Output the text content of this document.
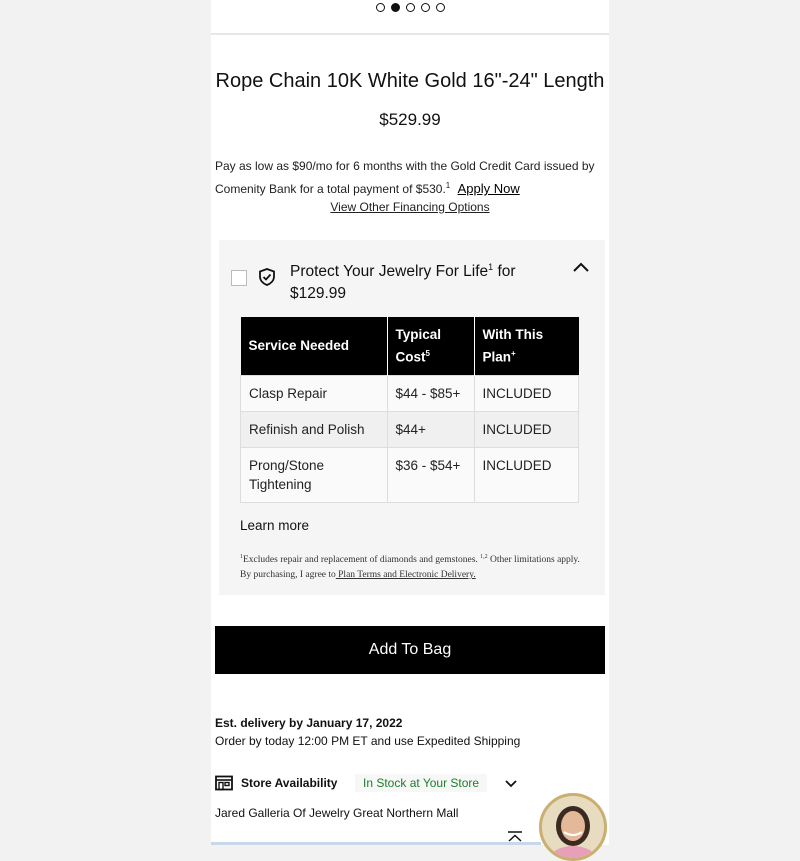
Rope Chain 10K White Gold 16"-24" Length
$529.99
Pay as low as $90/mo for 6 months with the Gold Credit Card issued by Comenity Bank for a total payment of $530.$^1$ Apply Now
View Other Financing Options
Protect Your Jewelry For Life$^1$ for
$129.99
Service Needed	Typical Cost$^5$	With This Plan+
Clasp Repair	$44 - $85+	INCLUDED
Refinish and Polish	$44+	INCLUDED
Prong/Stone Tightening	$36 - $54+	INCLUDED
Learn more
$^1$Excludes repair and replacement of diamonds and gemstones. $^{1,2}$ Other limitations apply. By purchasing, I agree to Plan Terms and Electronic Delivery.
Add To Bag
Est. delivery by January 17, 2022
Order by today 12:00 PM ET and use Expedited Shipping
Store Availability	In Stock at Your Store
Jared Galleria Of Jewelry Great Northern Mall
